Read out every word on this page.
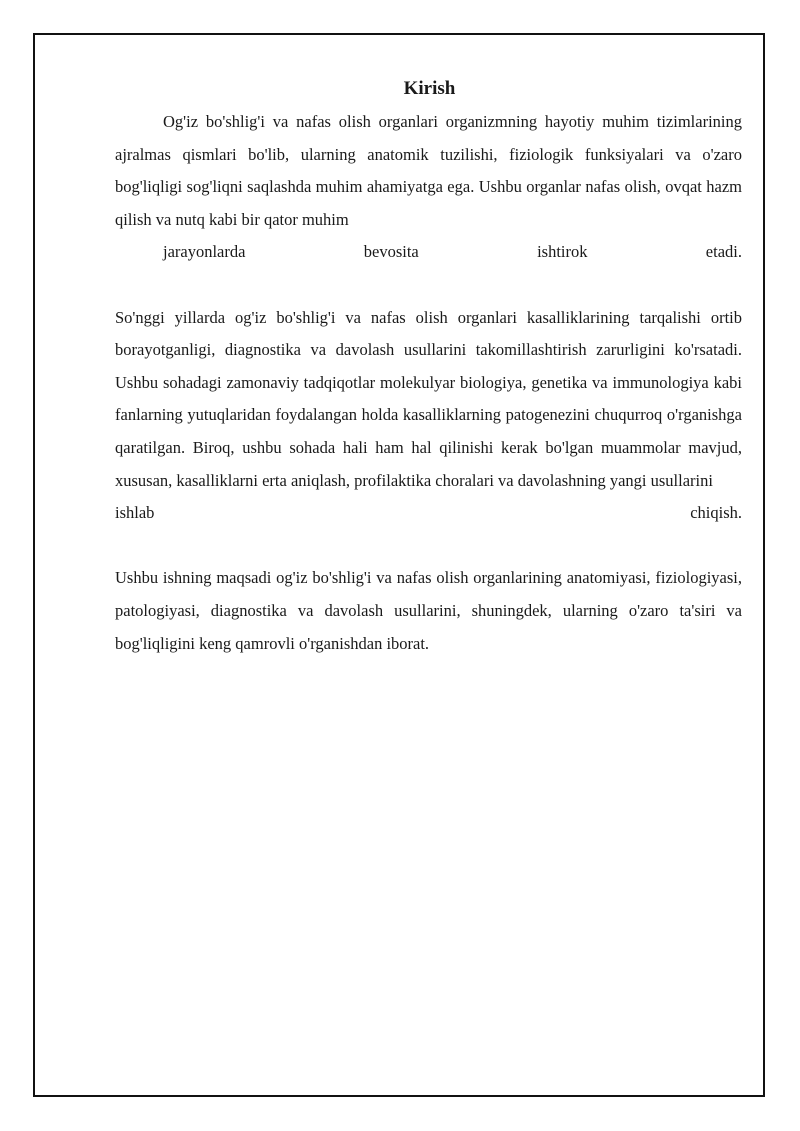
Kirish

Og'iz bo'shlig'i va nafas olish organlari organizmning hayotiy muhim tizimlarining ajralmas qismlari bo'lib, ularning anatomik tuzilishi, fiziologik funksiyalari va o'zaro bog'liqligi sog'liqni saqlashda muhim ahamiyatga ega. Ushbu organlar nafas olish, ovqat hazm qilish va nutq kabi bir qator muhim
jarayonlarda bevosita ishtirok etadi.

So'nggi yillarda og'iz bo'shlig'i va nafas olish organlari kasalliklarining tarqalishi ortib borayotganligi, diagnostika va davolash usullarini takomillashtirish zarurligini ko'rsatadi. Ushbu sohadagi zamonaviy tadqiqotlar molekulyar biologiya, genetika va immunologiya kabi fanlarning yutuqlaridan foydalangan holda kasalliklarning patogenezini chuqurroq o'rganishga qaratilgan. Biroq, ushbu sohada hali ham hal qilinishi kerak bo'lgan muammolar mavjud, xususan, kasalliklarni erta aniqlash, profilaktika choralari va davolashning yangi usullarini
ishlab chiqish.

Ushbu ishning maqsadi og'iz bo'shlig'i va nafas olish organlarining anatomiyasi, fiziologiyasi, patologiyasi, diagnostika va davolash usullarini, shuningdek, ularning o'zaro ta'siri va bog'liqligini keng qamrovli o'rganishdan iborat.
